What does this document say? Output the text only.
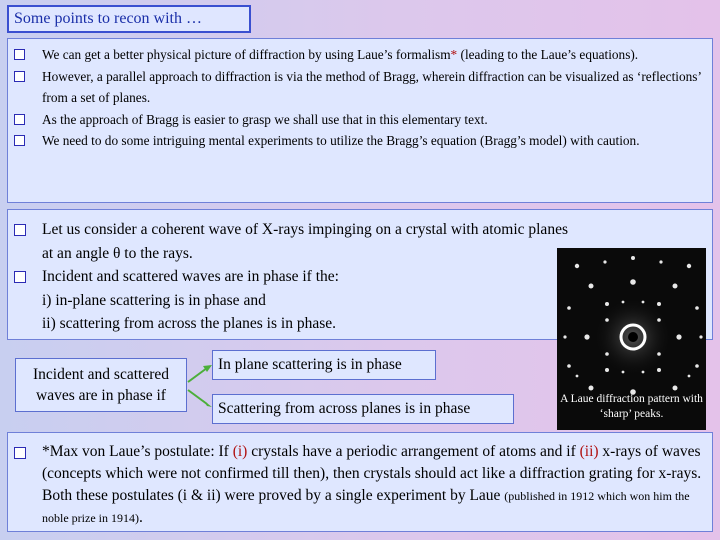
Some points to recon with …
We can get a better physical picture of diffraction by using Laue’s formalism* (leading to the Laue’s equations).
However, a parallel approach to diffraction is via the method of Bragg, wherein diffraction can be visualized as ‘reflections’ from a set of planes.
As the approach of Bragg is easier to grasp we shall use that in this elementary text.
We need to do some intriguing mental experiments to utilize the Bragg’s equation (Bragg’s model) with caution.
Let us consider a coherent wave of X-rays impinging on a crystal with atomic planes at an angle θ to the rays.
Incident and scattered waves are in phase if the:
i) in-plane scattering is in phase and
ii) scattering from across the planes is in phase.
Incident and scattered waves are in phase if
In plane scattering is in phase
Scattering from across planes is in phase
A Laue diffraction pattern with ‘sharp’ peaks.
*Max von Laue’s postulate: If (i) crystals have a periodic arrangement of atoms and if (ii) x-rays of waves (concepts which were not confirmed till then), then crystals should act like a diffraction grating for x-rays. Both these postulates (i & ii) were proved by a single experiment by Laue (published in 1912 which won him the noble prize in 1914).
